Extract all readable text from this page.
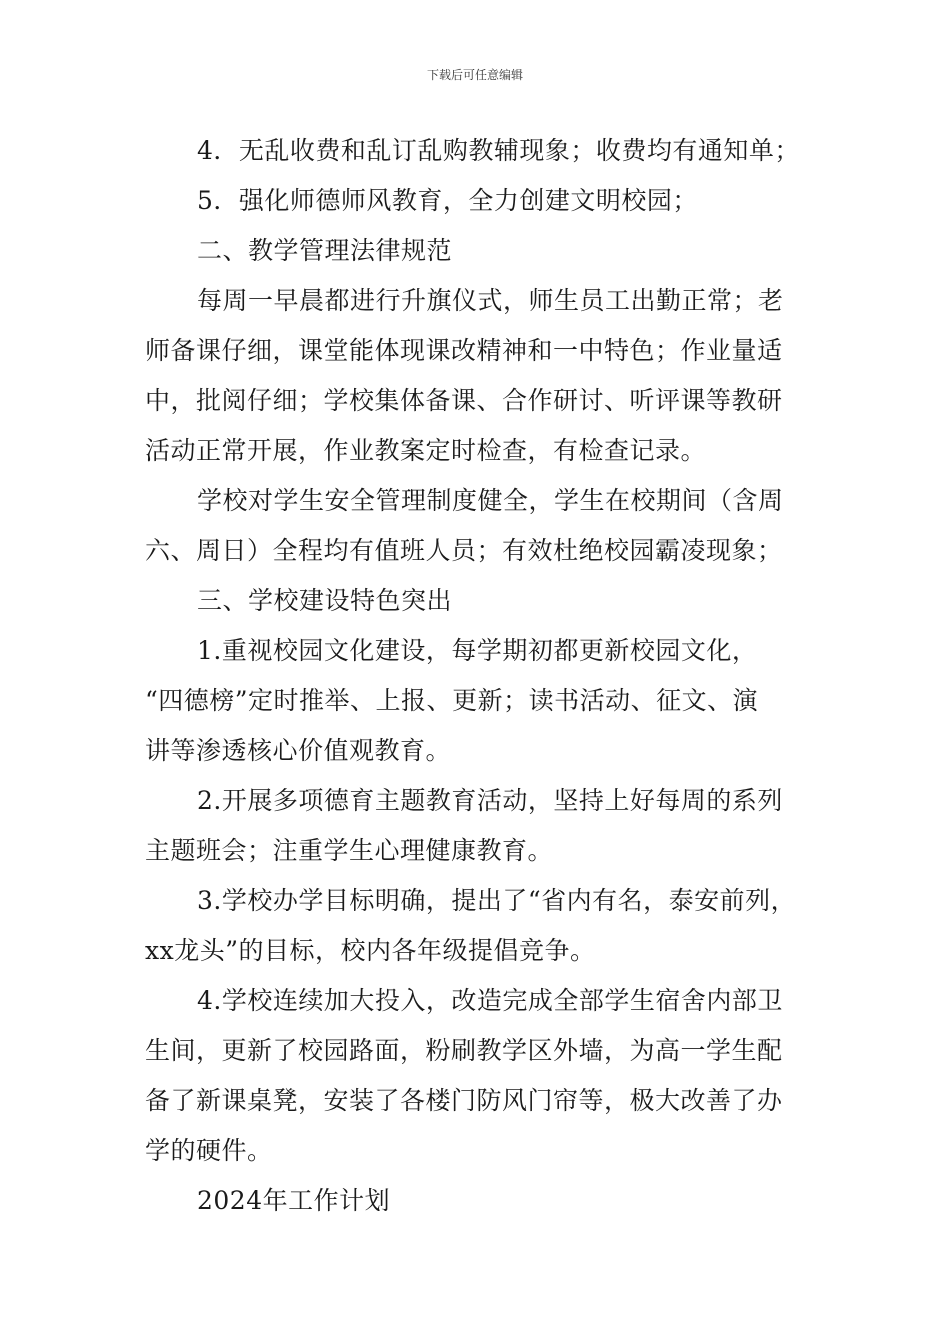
下载后可任意编辑

4．无乱收费和乱订乱购教辅现象；收费均有通知单；

5．强化师德师风教育，全力创建文明校园；

二、教学管理法律规范

每周一早晨都进行升旗仪式，师生员工出勤正常；老

师备课仔细，课堂能体现课改精神和一中特色；作业量适

中，批阅仔细；学校集体备课、合作研讨、听评课等教研

活动正常开展，作业教案定时检查，有检查记录。

学校对学生安全管理制度健全，学生在校期间（含周

六、周日）全程均有值班人员；有效杜绝校园霸凌现象；

三、学校建设特色突出

1.重视校园文化建设，每学期初都更新校园文化，

“四德榜”定时推举、上报、更新；读书活动、征文、演

讲等渗透核心价值观教育。

2.开展多项德育主题教育活动，坚持上好每周的系列

主题班会；注重学生心理健康教育。

3.学校办学目标明确，提出了“省内有名，泰安前列，

xx龙头”的目标，校内各年级提倡竞争。

4.学校连续加大投入，改造完成全部学生宿舍内部卫

生间，更新了校园路面，粉刷教学区外墙，为高一学生配

备了新课桌凳，安装了各楼门防风门帘等，极大改善了办

学的硬件。

2024年工作计划
